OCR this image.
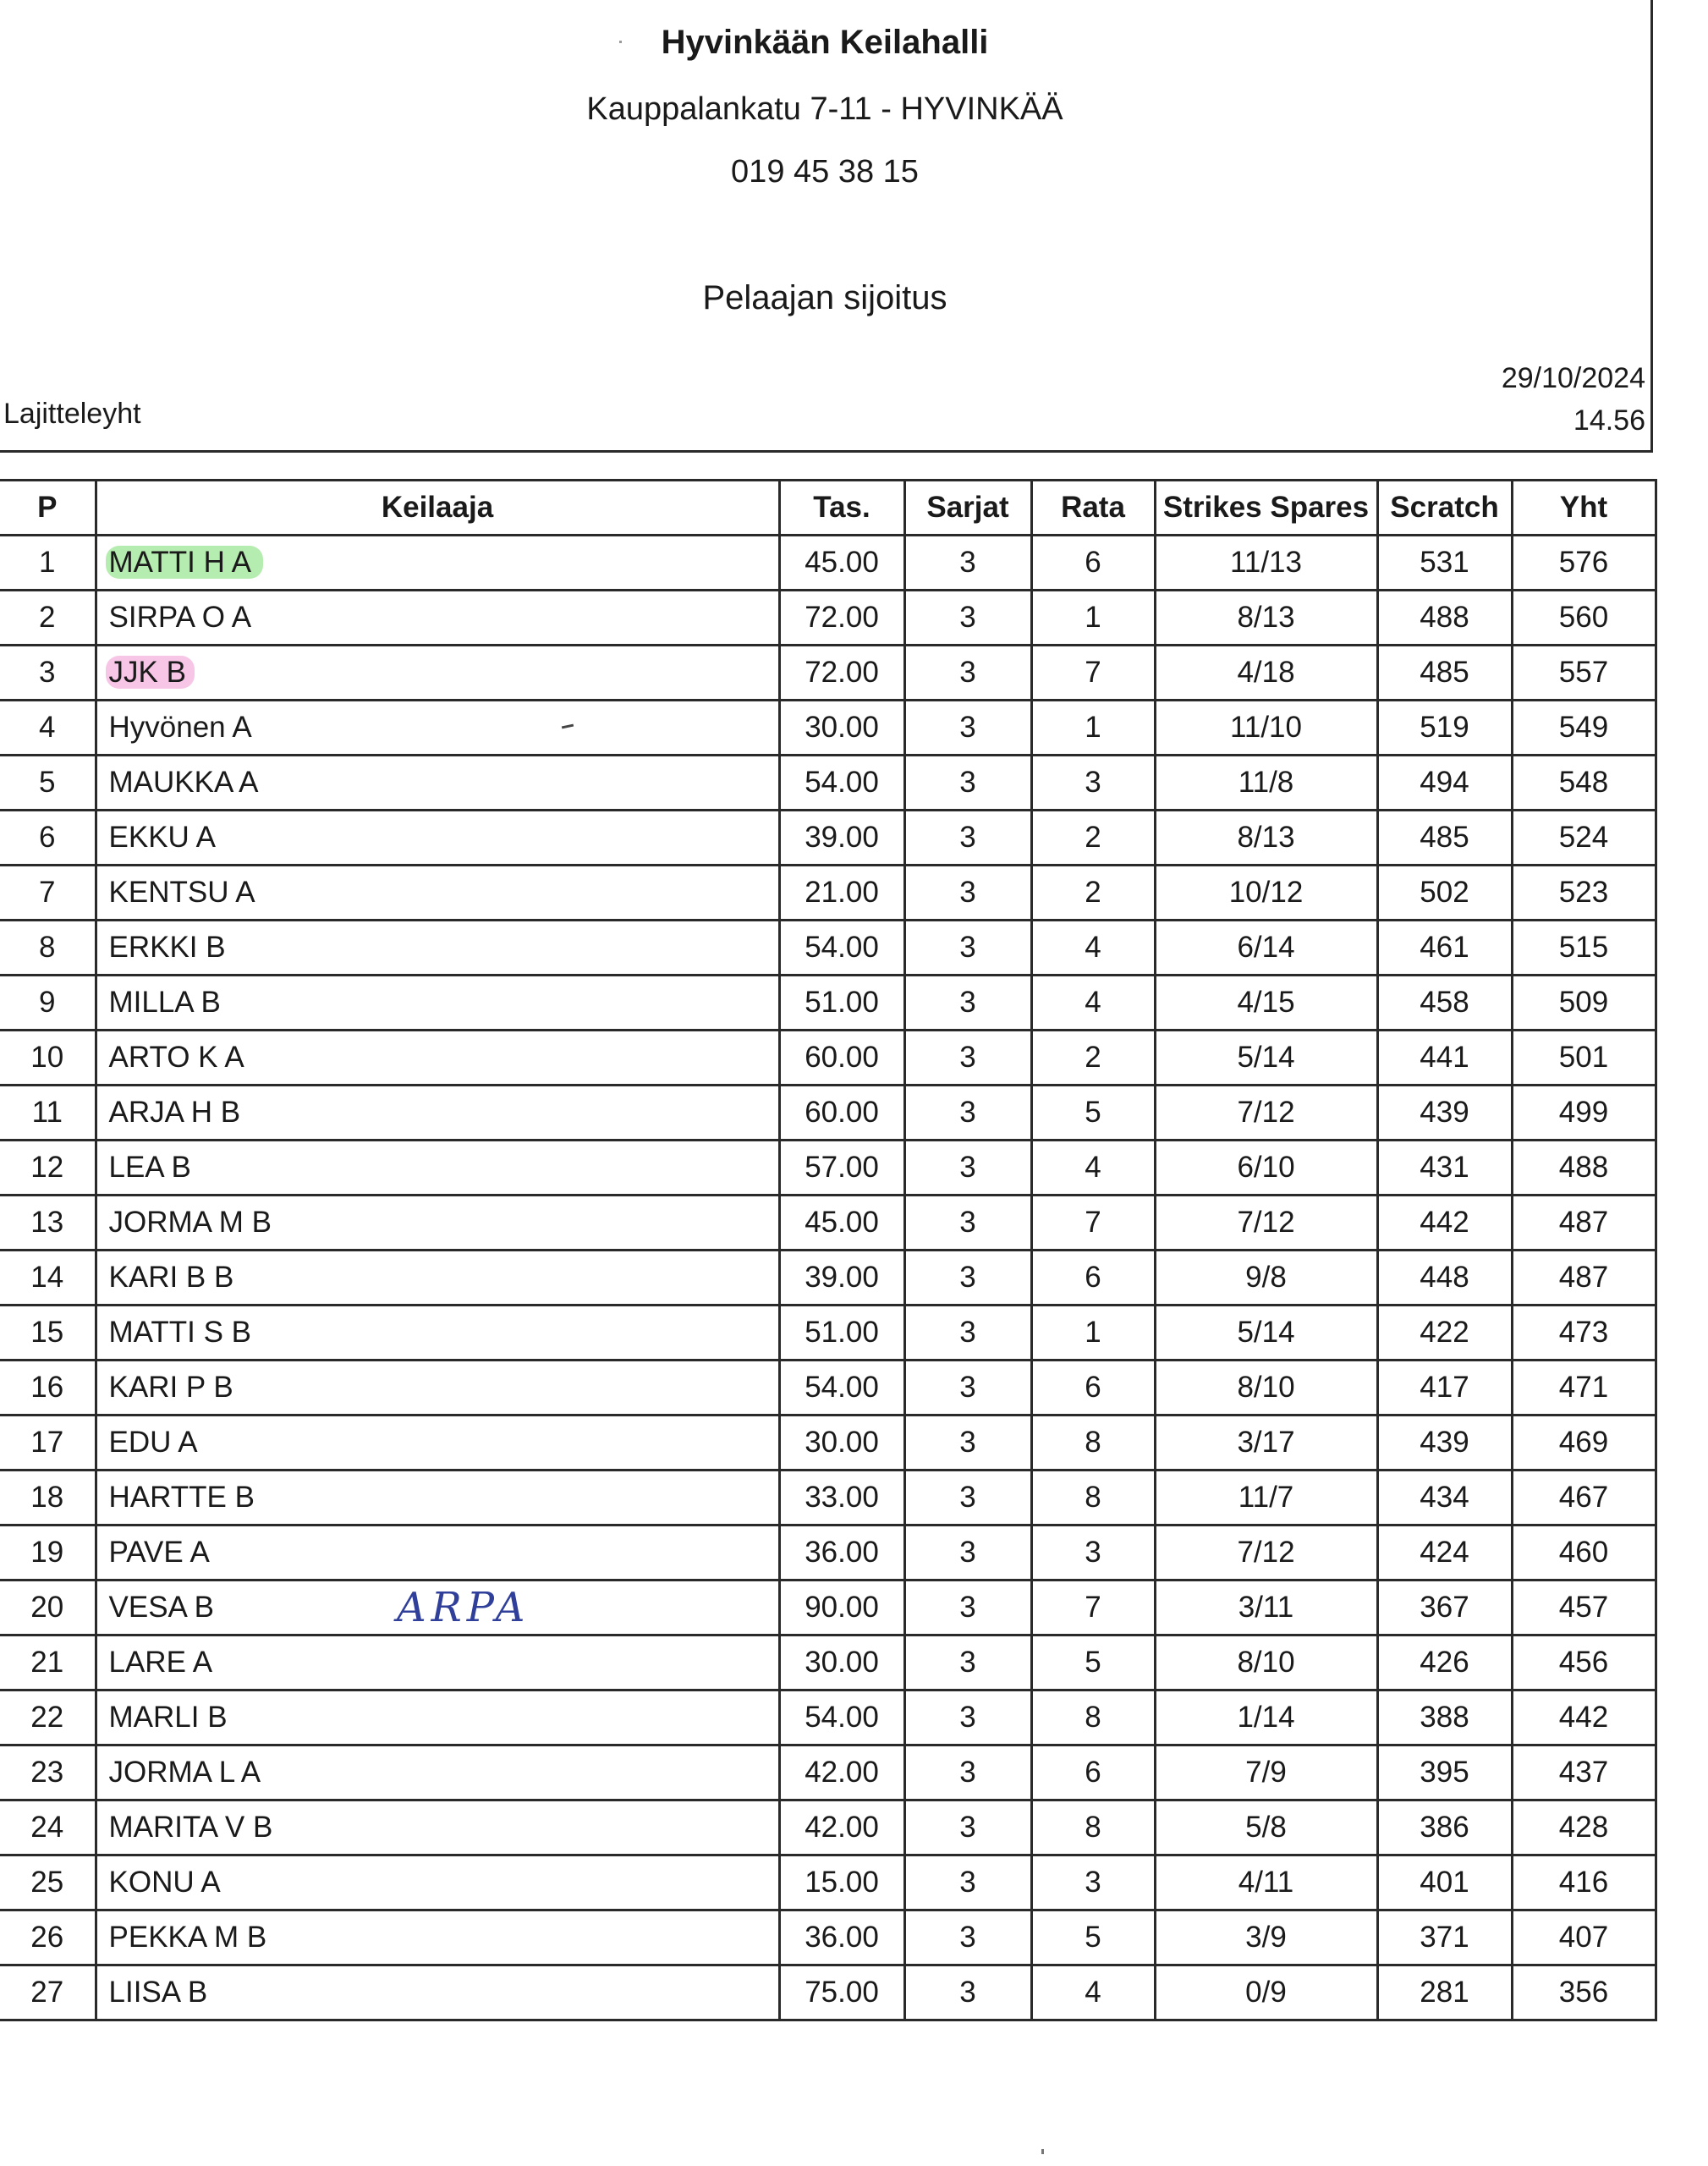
Hyvinkään Keilahalli
Kauppalankatu 7-11 - HYVINKÄÄ
019 45 38 15
Pelaajan sijoitus
Lajitteleyht
29/10/2024
14.56
P	Keilaaja	Tas.	Sarjat	Rata	Strikes Spares	Scratch	Yht
1	MATTI H A	45.00	3	6	11/13	531	576
2	SIRPA O A	72.00	3	1	8/13	488	560
3	JJK B	72.00	3	7	4/18	485	557
4	Hyvönen A	30.00	3	1	11/10	519	549
5	MAUKKA A	54.00	3	3	11/8	494	548
6	EKKU A	39.00	3	2	8/13	485	524
7	KENTSU A	21.00	3	2	10/12	502	523
8	ERKKI B	54.00	3	4	6/14	461	515
9	MILLA B	51.00	3	4	4/15	458	509
10	ARTO K A	60.00	3	2	5/14	441	501
11	ARJA H B	60.00	3	5	7/12	439	499
12	LEA B	57.00	3	4	6/10	431	488
13	JORMA M B	45.00	3	7	7/12	442	487
14	KARI B B	39.00	3	6	9/8	448	487
15	MATTI S B	51.00	3	1	5/14	422	473
16	KARI P B	54.00	3	6	8/10	417	471
17	EDU A	30.00	3	8	3/17	439	469
18	HARTTE B	33.00	3	8	11/7	434	467
19	PAVE A	36.00	3	3	7/12	424	460
20	VESA B ARPA	90.00	3	7	3/11	367	457
21	LARE A	30.00	3	5	8/10	426	456
22	MARLI B	54.00	3	8	1/14	388	442
23	JORMA L A	42.00	3	6	7/9	395	437
24	MARITA V B	42.00	3	8	5/8	386	428
25	KONU A	15.00	3	3	4/11	401	416
26	PEKKA M B	36.00	3	5	3/9	371	407
27	LIISA B	75.00	3	4	0/9	281	356
